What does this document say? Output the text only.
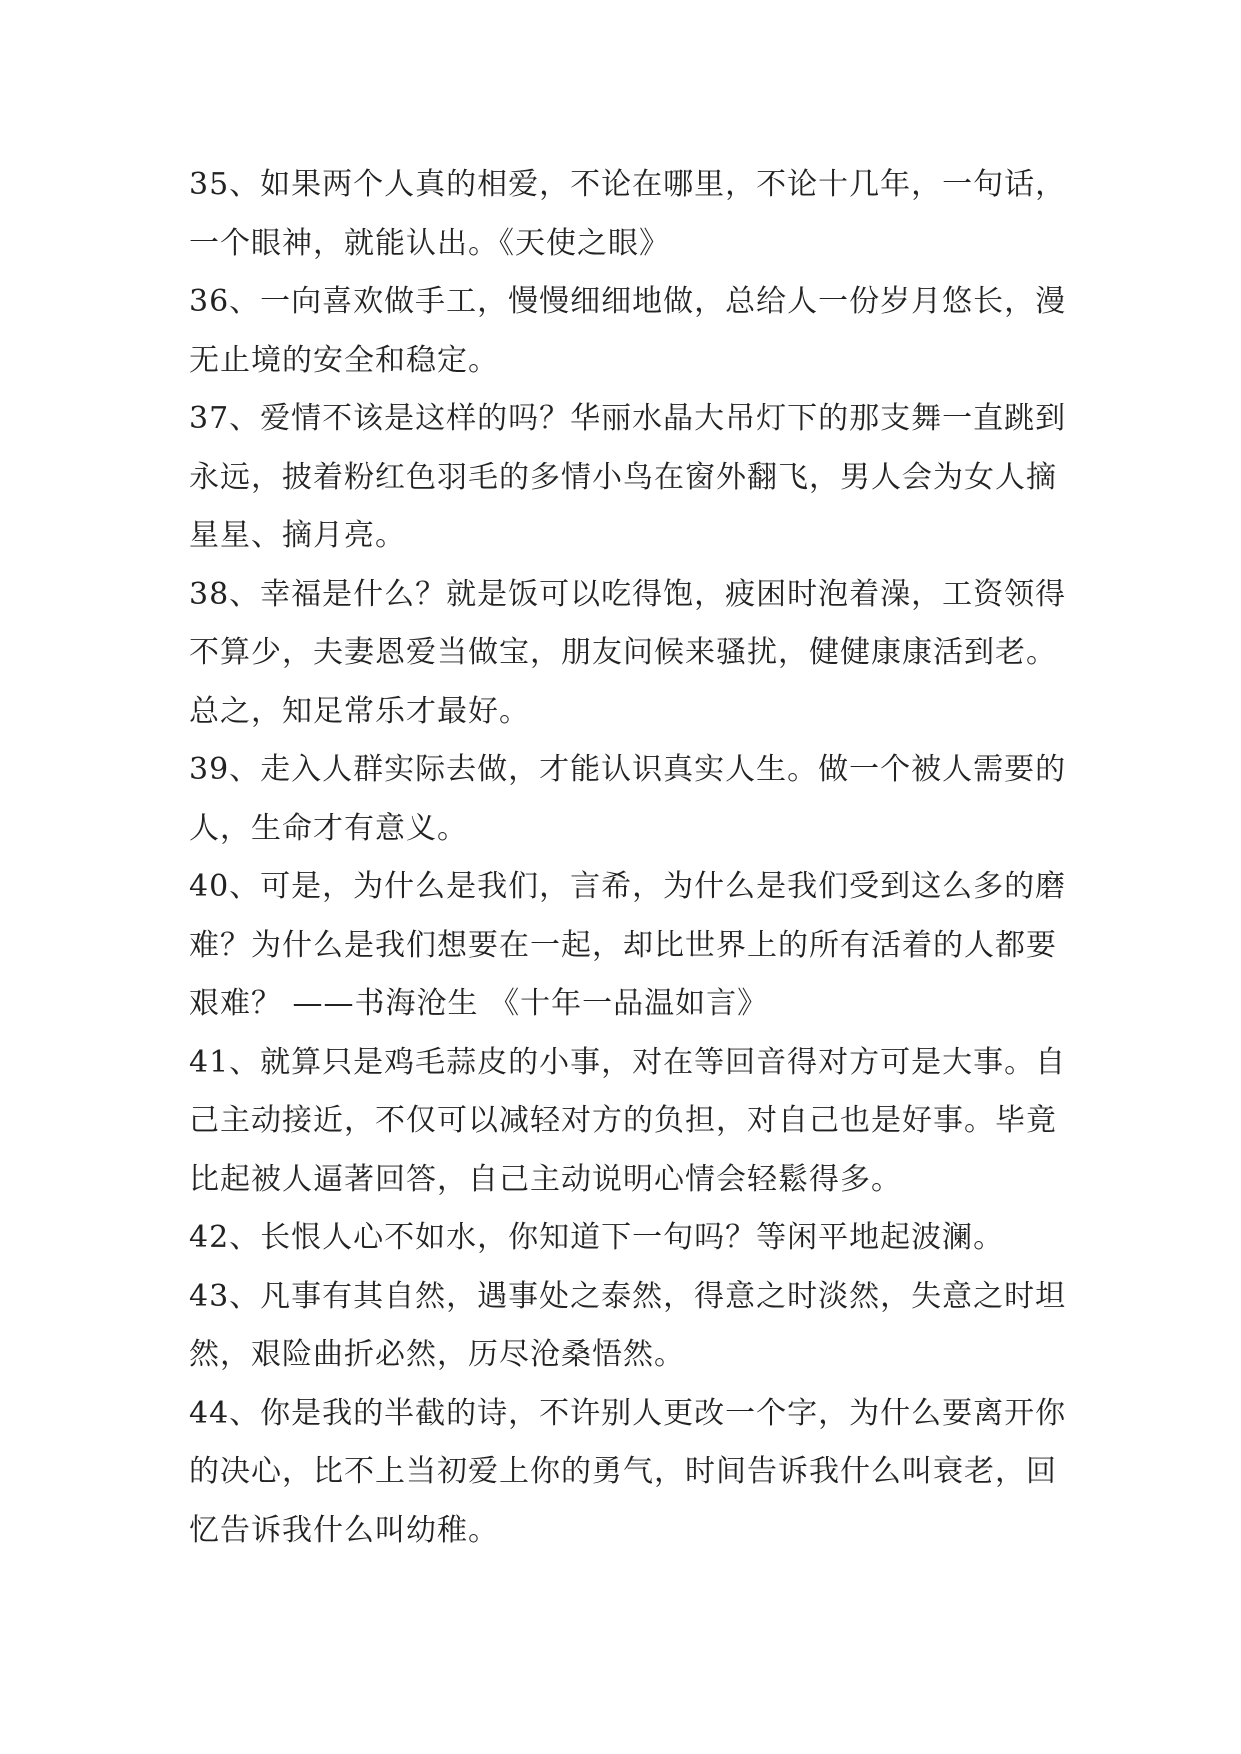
35、如果两个人真的相爱，不论在哪里，不论十几年，一句话，一个眼神，就能认出。《天使之眼》

36、一向喜欢做手工，慢慢细细地做，总给人一份岁月悠长，漫无止境的安全和稳定。

37、爱情不该是这样的吗？华丽水晶大吊灯下的那支舞一直跳到永远，披着粉红色羽毛的多情小鸟在窗外翻飞，男人会为女人摘星星、摘月亮。

38、幸福是什么？就是饭可以吃得饱，疲困时泡着澡，工资领得不算少，夫妻恩爱当做宝，朋友问候来骚扰，健健康康活到老。总之，知足常乐才最好。

39、走入人群实际去做，才能认识真实人生。做一个被人需要的人，生命才有意义。

40、可是，为什么是我们，言希，为什么是我们受到这么多的磨难？为什么是我们想要在一起，却比世界上的所有活着的人都要艰难？ ——书海沧生 《十年一品温如言》

41、就算只是鸡毛蒜皮的小事，对在等回音得对方可是大事。自己主动接近，不仅可以减轻对方的负担，对自己也是好事。毕竟比起被人逼著回答，自己主动说明心情会轻鬆得多。

42、长恨人心不如水，你知道下一句吗？等闲平地起波澜。

43、凡事有其自然，遇事处之泰然，得意之时淡然，失意之时坦然，艰险曲折必然，历尽沧桑悟然。

44、你是我的半截的诗，不许别人更改一个字，为什么要离开你的决心，比不上当初爱上你的勇气，时间告诉我什么叫衰老，回忆告诉我什么叫幼稚。
